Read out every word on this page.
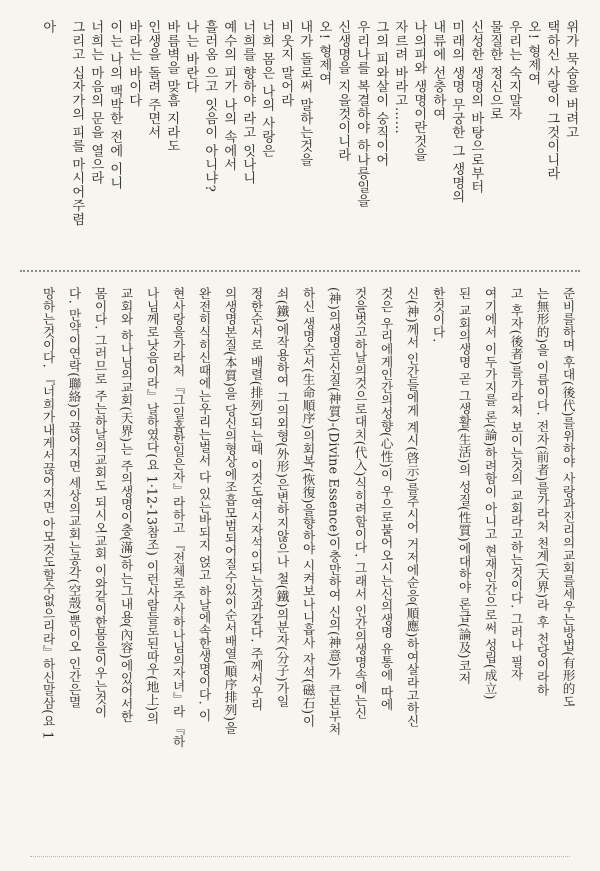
위가 묵숨을 버려고
택하신 사랑이 그것이니라
오! 형제여
우리는 숙지말자
물질한 정신으로
신성한 생명의 바탕으로부터
미래의 생명 무궁한 그 생명의
내류에 선충하여
나의피와 생명이란것을
자르려 바라고……
그의 피와살이 숭직이어
우리나를 복결하야 하나릉일을
신생명을 지을것이니라
오! 형제여
내가 돌로써 말하는것을
비웃지 말어라
너희 몸은 나의 사랑은
너희를 향하야 라고 잇나니
예수의 피가 나의 속에서
흘러옴 으고 잇음이 아니냐?
나는 바란다
바름벽을 맞흠 지라도
인생을 돌려 주면서
바라는 바이다
이는 나의 맥박한 전에 이니
너희는 마음의 문을 열으라
그리고 십자가의 피를 마시어주렴
아
준비를하며 후대(後代)를위하야 사랑과진리의교회를세우는방법(有形的도
는無形的)을 이름이다. 전자(前者)를가라처 천계(天界)라 후 천당이라하
고 후자(後者)를가라처 보이는것의 교회라고하는것이다. 그러나 필자
여기에서 이두가지를 론(論)하려함이 아니고 현재인간으로써 성립(成立)
된 교회의생명 곧 그생활(生活)의 성질(性質)에대하야 론급(論及)코저
한것이다.
신(神)께서 인간들에게 계시(啓示)를주시어 거저에순응(順應)하여살라고하신
것은 우리에게인간의성향(心性)이 우으로붙어오시는신의생명 유통에 따에
것을벗고하날의것으로대치(代入)식히려함이다. 그래서 인간의생명속에는신
(神)의생명곧신질(神質)-(Divine Essence)이충만하여 신의(神意)가 큰본부처
하신 생명순서(生命順序)의회복(恢復)을향하야 시켜보나니흡사 자석(磁石)이
쇠(鐵)에작용하여 그의외형(外形)은변하지않으나 철(鐵)의분자(分子)가일
정한순서로 배렬(排列)되는때 이것도역시자석이되는것과같다. 주께서우리
의생명본질(本質)을 당신의형상에조흡모범되어질수있이순서배열(順序排列)을
완전히식히신때에는우리는벌서 다 있는바되지 얹고 하날에속한생명이다. 이
현사랑을가라처 『그일홈한일은자』라하고 『전체로주사하나님의자녀』라 『하
나님께로낫음이라』날하였다(요 1·12-13참조) 이런사람들로된따우(地上)의
교회와 하나님의교회(天界)는 주의생명이충(滿)하는그내용(內容)에있어서한
몸이다. 그러므로 주는하날의교회도 되시오교회 이와같이한몸을이우는것이
다. 만약이연락(聯絡)이끊어지면 세상의교회는공각(空殼)뿐이오 인간은멸
망하는것이다. 『너희가내게서끊어지면 아모것도할수없으리라』하신말삼(요 1
